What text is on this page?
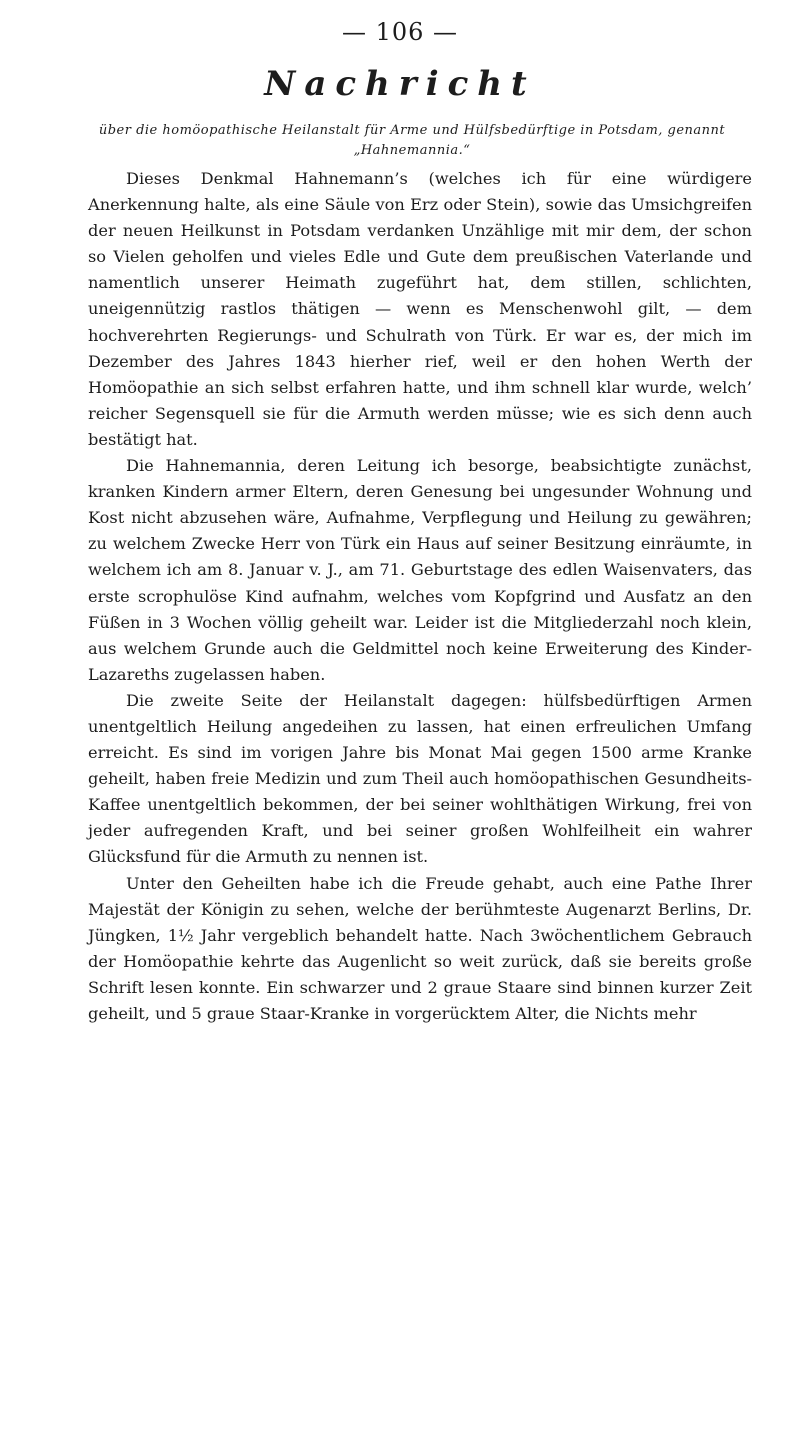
— 106 —
Nachricht
über die homöopathische Heilanstalt für Arme und Hülfsbedürftige in Potsdam, genannt „Hahnemannia.“

Dieses Denkmal Hahnemann’s (welches ich für eine würdigere Anerkennung halte, als eine Säule von Erz oder Stein), sowie das Umsichgreifen der neuen Heilkunst in Potsdam verdanken Unzählige mit mir dem, der schon so Vielen geholfen und vieles Edle und Gute dem preußischen Vaterlande und namentlich unserer Heimath zugeführt hat, dem stillen, schlichten, uneigennützig rastlos thätigen — wenn es Menschenwohl gilt, — dem hochverehrten Regierungs- und Schulrath von Türk. Er war es, der mich im Dezember des Jahres 1843 hierher rief, weil er den hohen Werth der Homöopathie an sich selbst erfahren hatte, und ihm schnell klar wurde, welch’ reicher Segensquell sie für die Armuth werden müsse; wie es sich denn auch bestätigt hat.

Die Hahnemannia, deren Leitung ich besorge, beabsichtigte zunächst, kranken Kindern armer Eltern, deren Genesung bei ungesunder Wohnung und Kost nicht abzusehen wäre, Aufnahme, Verpflegung und Heilung zu gewähren; zu welchem Zwecke Herr von Türk ein Haus auf seiner Besitzung einräumte, in welchem ich am 8. Januar v. J., am 71. Geburtstage des edlen Waisenvaters, das erste scrophulöse Kind aufnahm, welches vom Kopfgrind und Ausfatz an den Füßen in 3 Wochen völlig geheilt war. Leider ist die Mitgliederzahl noch klein, aus welchem Grunde auch die Geldmittel noch keine Erweiterung des Kinder-Lazareths zugelassen haben.

Die zweite Seite der Heilanstalt dagegen: hülfsbedürftigen Armen unentgeltlich Heilung angedeihen zu lassen, hat einen erfreulichen Umfang erreicht. Es sind im vorigen Jahre bis Monat Mai gegen 1500 arme Kranke geheilt, haben freie Medizin und zum Theil auch homöopathischen Gesundheits-Kaffee unentgeltlich bekommen, der bei seiner wohlthätigen Wirkung, frei von jeder aufregenden Kraft, und bei seiner großen Wohlfeilheit ein wahrer Glücksfund für die Armuth zu nennen ist.

Unter den Geheilten habe ich die Freude gehabt, auch eine Pathe Ihrer Majestät der Königin zu sehen, welche der berühmteste Augenarzt Berlins, Dr. Jüngken, 1½ Jahr vergeblich behandelt hatte. Nach 3wöchentlichem Gebrauch der Homöopathie kehrte das Augenlicht so weit zurück, daß sie bereits große Schrift lesen konnte. Ein schwarzer und 2 graue Staare sind binnen kurzer Zeit geheilt, und 5 graue Staar-Kranke in vorgerücktem Alter, die Nichts mehr
